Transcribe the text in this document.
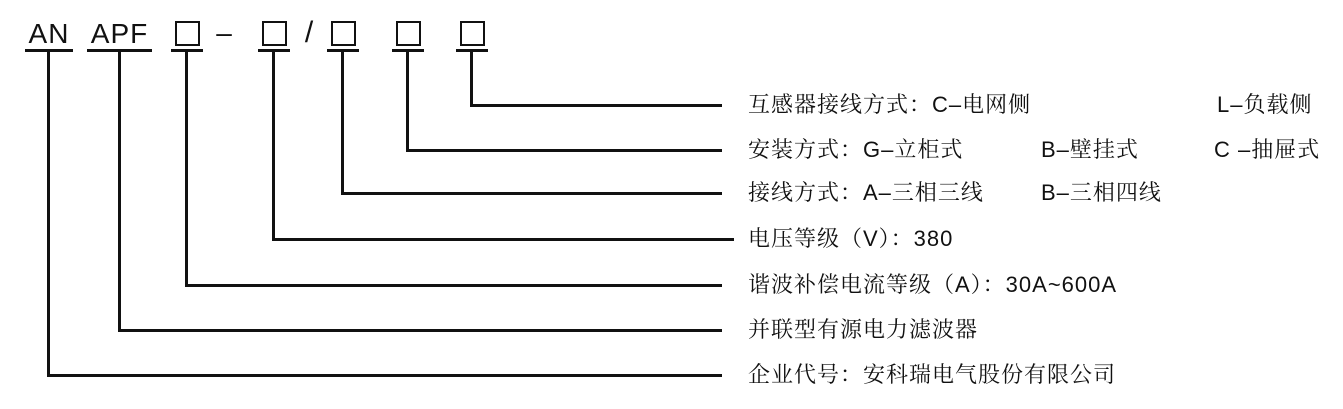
AN APF – /
互感器接线方式：C–电网侧	L–负载侧
安装方式：G–立柜式	B–壁挂式	C –抽屉式
接线方式：A–三相三线	B–三相四线
电压等级（V）：380
谐波补偿电流等级（A）：30A~600A
并联型有源电力滤波器
企业代号：安科瑞电气股份有限公司
